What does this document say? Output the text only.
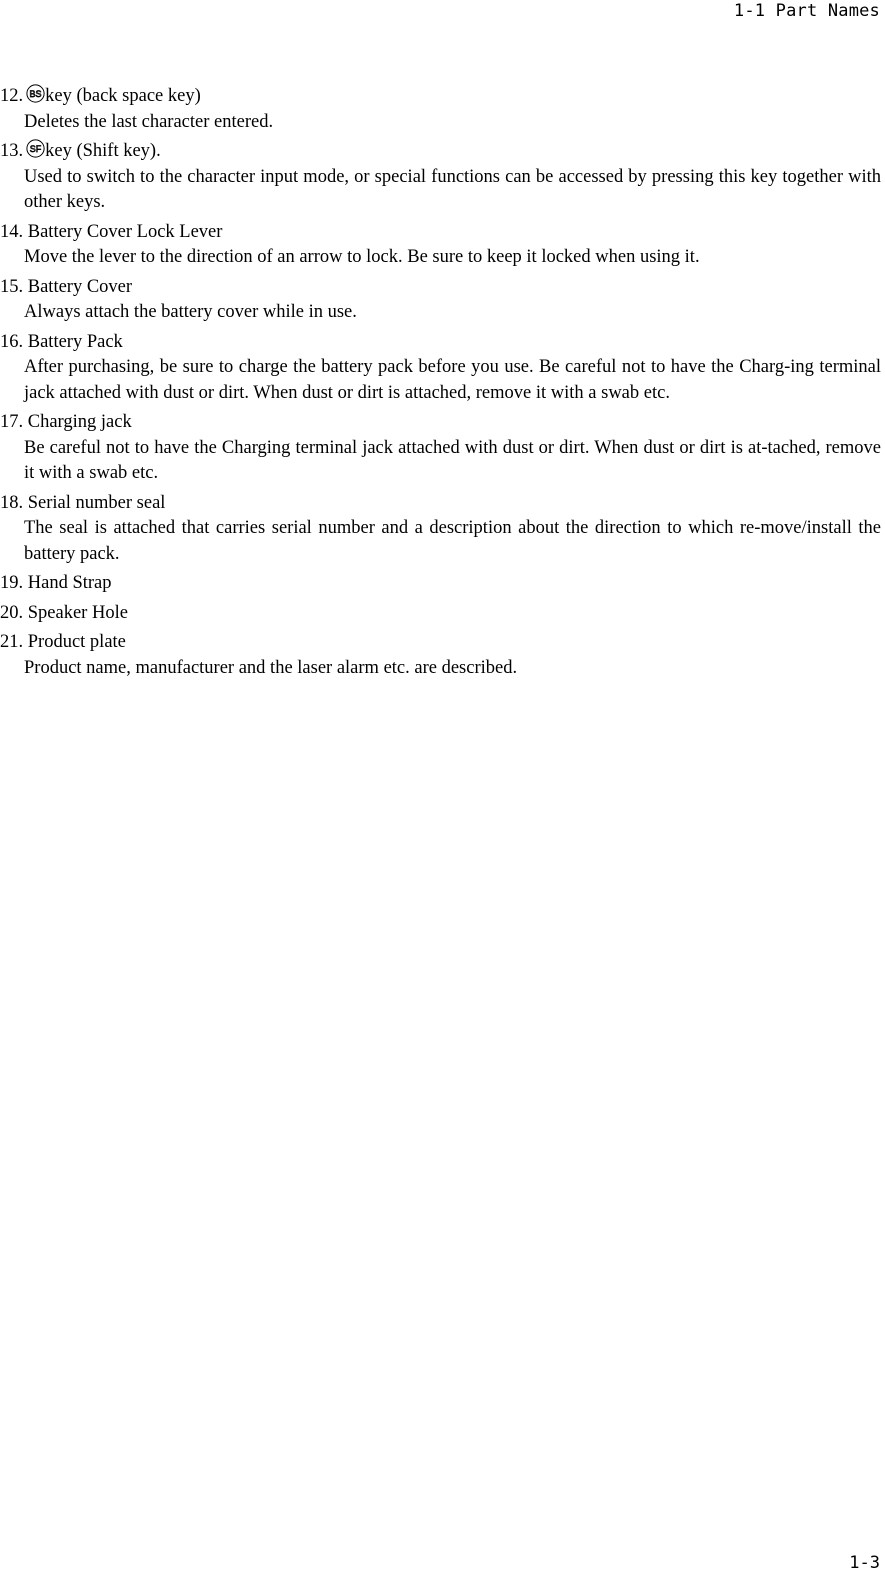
1-1 Part Names
12. BS key (back space key)
Deletes the last character entered.
13. SF key (Shift key).
Used to switch to the character input mode, or special functions can be accessed by pressing this key together with other keys.
14. Battery Cover Lock Lever
Move the lever to the direction of an arrow to lock. Be sure to keep it locked when using it.
15. Battery Cover
Always attach the battery cover while in use.
16. Battery Pack
After purchasing, be sure to charge the battery pack before you use. Be careful not to have the Charg-ing terminal jack attached with dust or dirt. When dust or dirt is attached, remove it with a swab etc.
17. Charging jack
Be careful not to have the Charging terminal jack attached with dust or dirt. When dust or dirt is at-tached, remove it with a swab etc.
18. Serial number seal
The seal is attached that carries serial number and a description about the direction to which re-move/install the battery pack.
19. Hand Strap
20. Speaker Hole
21. Product plate
Product name, manufacturer and the laser alarm etc. are described.
1-3
